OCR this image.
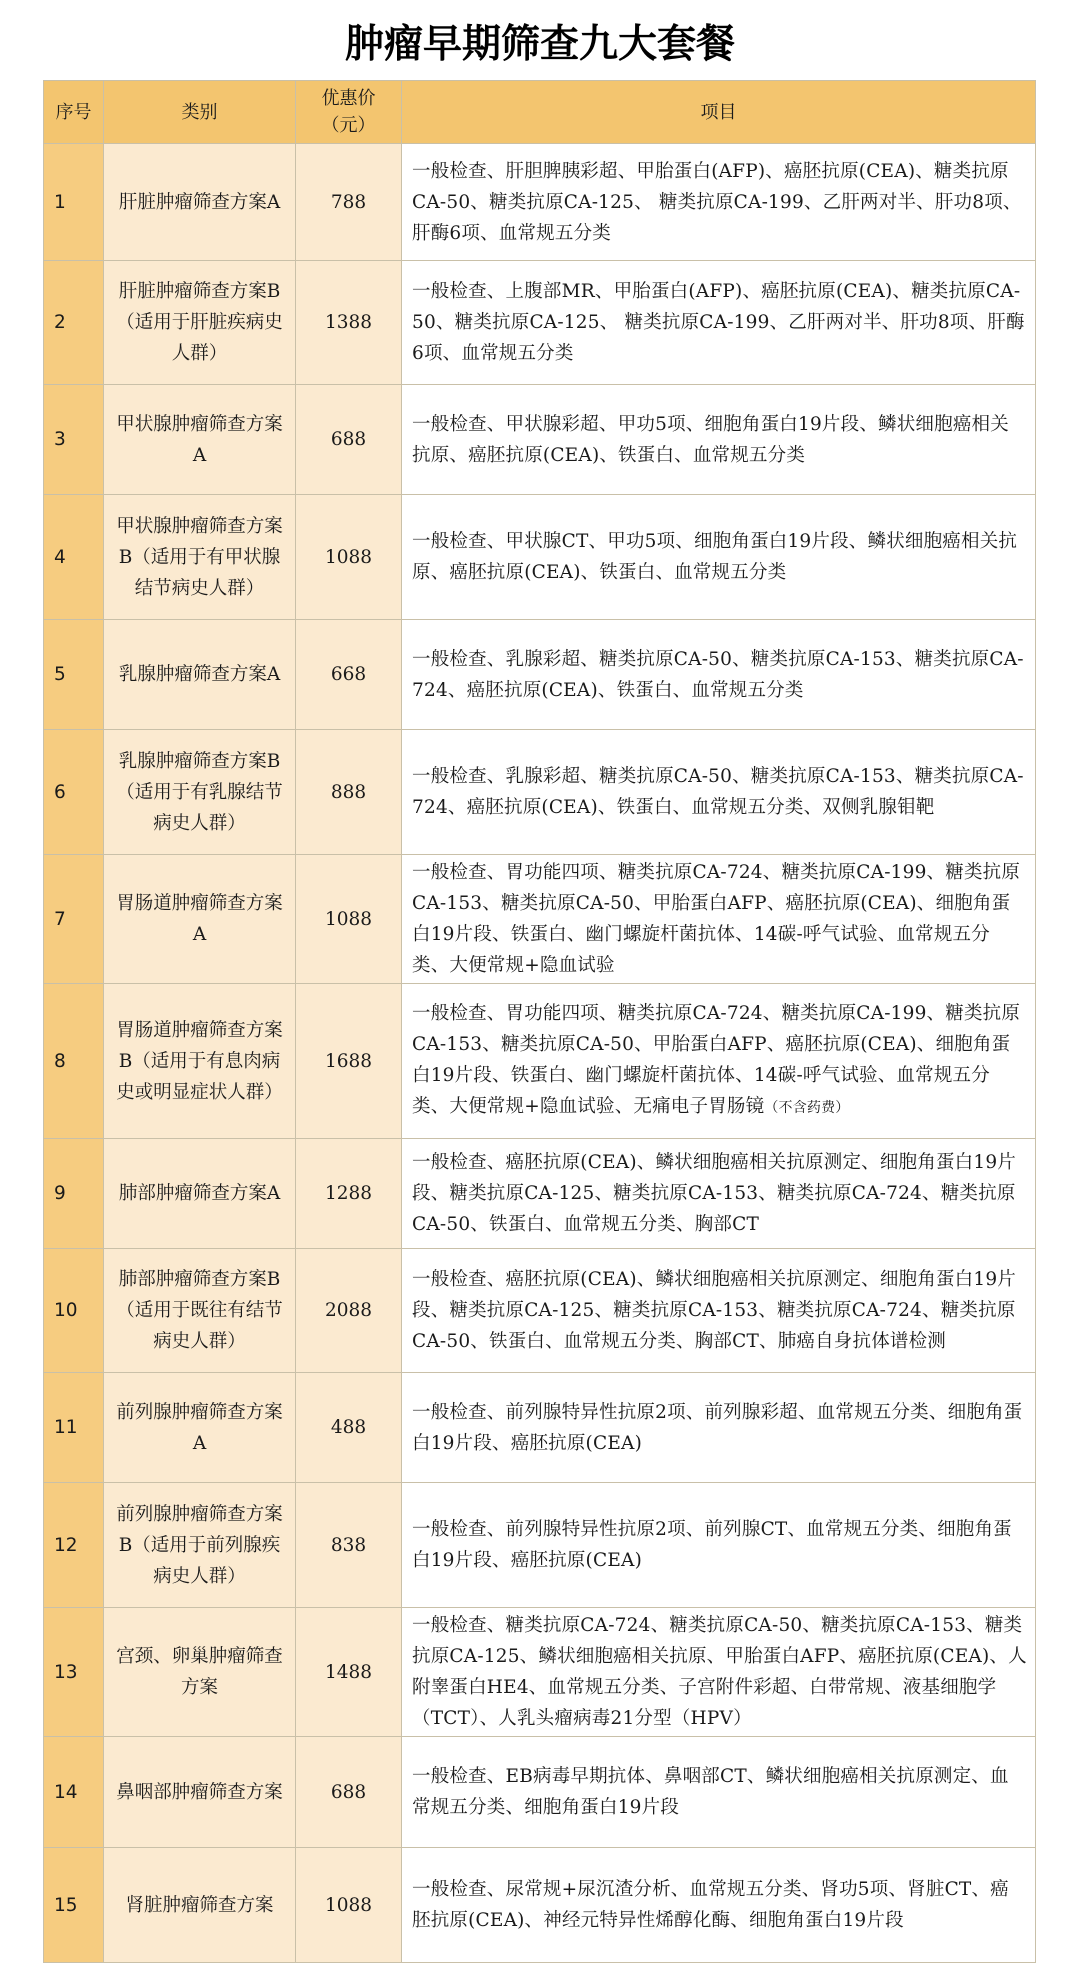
肿瘤早期筛查九大套餐
序号	类别	优惠价（元）	项目
1	肝脏肿瘤筛查方案A	788	一般检查、肝胆脾胰彩超、甲胎蛋白(AFP)、癌胚抗原(CEA)、糖类抗原CA-50、糖类抗原CA-125、 糖类抗原CA-199、乙肝两对半、肝功8项、肝酶6项、血常规五分类
2	肝脏肿瘤筛查方案B（适用于肝脏疾病史人群）	1388	一般检查、上腹部MR、甲胎蛋白(AFP)、癌胚抗原(CEA)、糖类抗原CA-50、糖类抗原CA-125、 糖类抗原CA-199、乙肝两对半、肝功8项、肝酶6项、血常规五分类
3	甲状腺肿瘤筛查方案A	688	一般检查、甲状腺彩超、甲功5项、细胞角蛋白19片段、鳞状细胞癌相关抗原、癌胚抗原(CEA)、铁蛋白、血常规五分类
4	甲状腺肿瘤筛查方案B（适用于有甲状腺结节病史人群）	1088	一般检查、甲状腺CT、甲功5项、细胞角蛋白19片段、鳞状细胞癌相关抗原、癌胚抗原(CEA)、铁蛋白、血常规五分类
5	乳腺肿瘤筛查方案A	668	一般检查、乳腺彩超、糖类抗原CA-50、糖类抗原CA-153、糖类抗原CA-724、癌胚抗原(CEA)、铁蛋白、血常规五分类
6	乳腺肿瘤筛查方案B（适用于有乳腺结节病史人群）	888	一般检查、乳腺彩超、糖类抗原CA-50、糖类抗原CA-153、糖类抗原CA-724、癌胚抗原(CEA)、铁蛋白、血常规五分类、双侧乳腺钼靶
7	胃肠道肿瘤筛查方案A	1088	一般检查、胃功能四项、糖类抗原CA-724、糖类抗原CA-199、糖类抗原CA-153、糖类抗原CA-50、甲胎蛋白AFP、癌胚抗原(CEA)、细胞角蛋白19片段、铁蛋白、幽门螺旋杆菌抗体、14碳-呼气试验、血常规五分类、大便常规+隐血试验
8	胃肠道肿瘤筛查方案B（适用于有息肉病史或明显症状人群）	1688	一般检查、胃功能四项、糖类抗原CA-724、糖类抗原CA-199、糖类抗原CA-153、糖类抗原CA-50、甲胎蛋白AFP、癌胚抗原(CEA)、细胞角蛋白19片段、铁蛋白、幽门螺旋杆菌抗体、14碳-呼气试验、血常规五分类、大便常规+隐血试验、无痛电子胃肠镜（不含药费）
9	肺部肿瘤筛查方案A	1288	一般检查、癌胚抗原(CEA)、鳞状细胞癌相关抗原测定、细胞角蛋白19片段、糖类抗原CA-125、糖类抗原CA-153、糖类抗原CA-724、糖类抗原CA-50、铁蛋白、血常规五分类、胸部CT
10	肺部肿瘤筛查方案B（适用于既往有结节病史人群）	2088	一般检查、癌胚抗原(CEA)、鳞状细胞癌相关抗原测定、细胞角蛋白19片段、糖类抗原CA-125、糖类抗原CA-153、糖类抗原CA-724、糖类抗原CA-50、铁蛋白、血常规五分类、胸部CT、肺癌自身抗体谱检测
11	前列腺肿瘤筛查方案A	488	一般检查、前列腺特异性抗原2项、前列腺彩超、血常规五分类、细胞角蛋白19片段、癌胚抗原(CEA)
12	前列腺肿瘤筛查方案B（适用于前列腺疾病史人群）	838	一般检查、前列腺特异性抗原2项、前列腺CT、血常规五分类、细胞角蛋白19片段、癌胚抗原(CEA)
13	宫颈、卵巢肿瘤筛查方案	1488	一般检查、糖类抗原CA-724、糖类抗原CA-50、糖类抗原CA-153、糖类抗原CA-125、鳞状细胞癌相关抗原、甲胎蛋白AFP、癌胚抗原(CEA)、人附睾蛋白HE4、血常规五分类、子宫附件彩超、白带常规、液基细胞学（TCT）、人乳头瘤病毒21分型（HPV）
14	鼻咽部肿瘤筛查方案	688	一般检查、EB病毒早期抗体、鼻咽部CT、鳞状细胞癌相关抗原测定、血常规五分类、细胞角蛋白19片段
15	肾脏肿瘤筛查方案	1088	一般检查、尿常规+尿沉渣分析、血常规五分类、肾功5项、肾脏CT、癌胚抗原(CEA)、神经元特异性烯醇化酶、细胞角蛋白19片段
